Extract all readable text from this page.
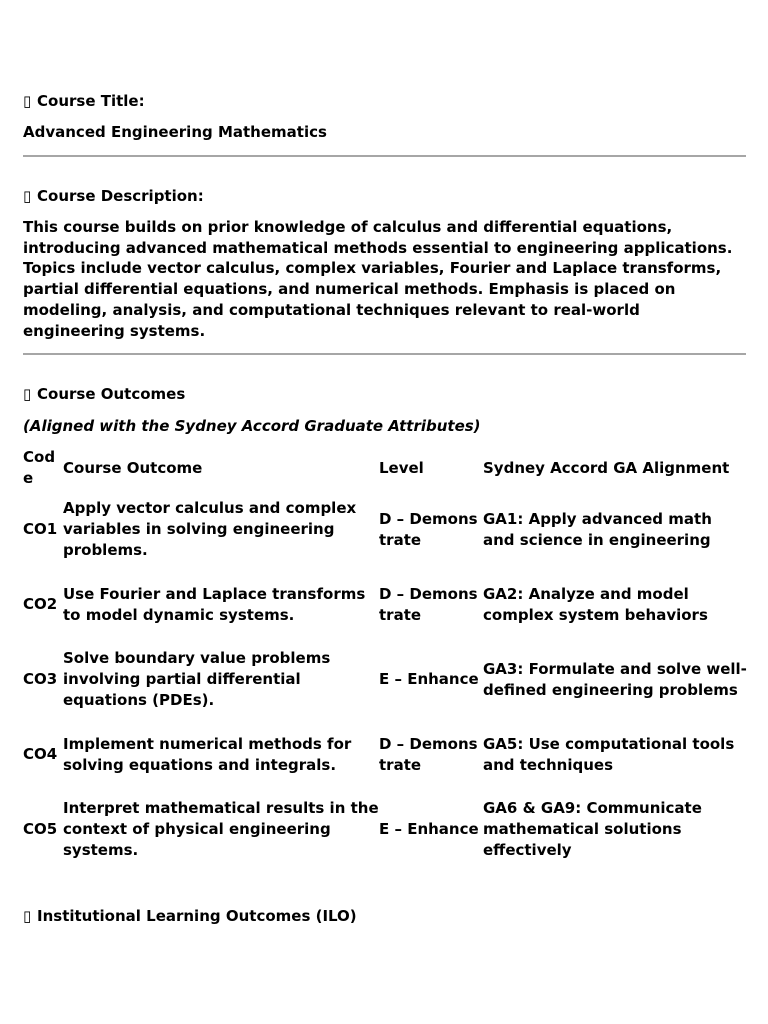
▯ Course Title:
Advanced Engineering Mathematics
▯ Course Description:
This course builds on prior knowledge of calculus and differential equations, introducing advanced mathematical methods essential to engineering applications. Topics include vector calculus, complex variables, Fourier and Laplace transforms, partial differential equations, and numerical methods. Emphasis is placed on modeling, analysis, and computational techniques relevant to real-world engineering systems.
▯ Course Outcomes
(Aligned with the Sydney Accord Graduate Attributes)
Code	Course Outcome	Level	Sydney Accord GA Alignment
CO1	Apply vector calculus and complex variables in solving engineering problems.	D – Demonstrate	GA1: Apply advanced math and science in engineering
CO2	Use Fourier and Laplace transforms to model dynamic systems.	D – Demonstrate	GA2: Analyze and model complex system behaviors
CO3	Solve boundary value problems involving partial differential equations (PDEs).	E – Enhance	GA3: Formulate and solve well-defined engineering problems
CO4	Implement numerical methods for solving equations and integrals.	D – Demonstrate	GA5: Use computational tools and techniques
CO5	Interpret mathematical results in the context of physical engineering systems.	E – Enhance	GA6 & GA9: Communicate mathematical solutions effectively
▯ Institutional Learning Outcomes (ILO)
